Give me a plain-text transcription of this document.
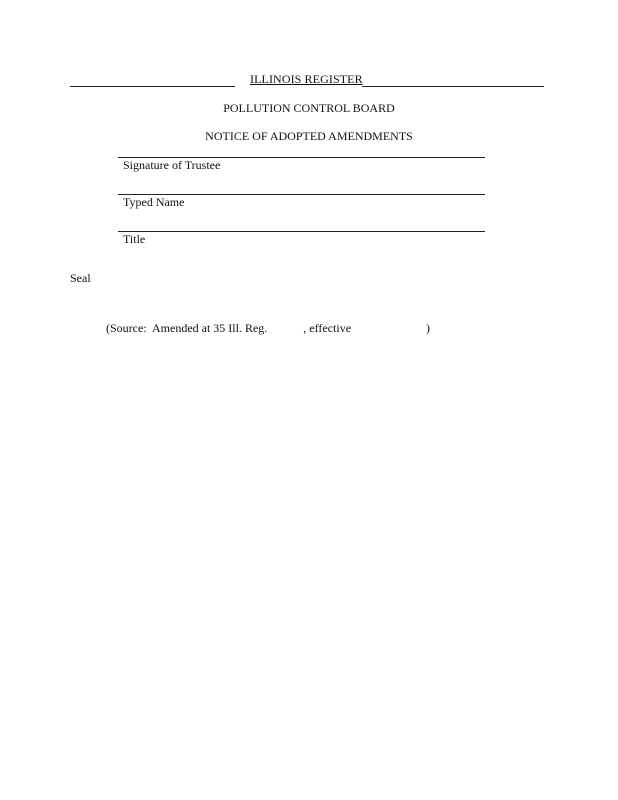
ILLINOIS REGISTER
POLLUTION CONTROL BOARD
NOTICE OF ADOPTED AMENDMENTS
Signature of Trustee
Typed Name
Title
Seal
(Source:  Amended at 35 Ill. Reg.            , effective                         )
